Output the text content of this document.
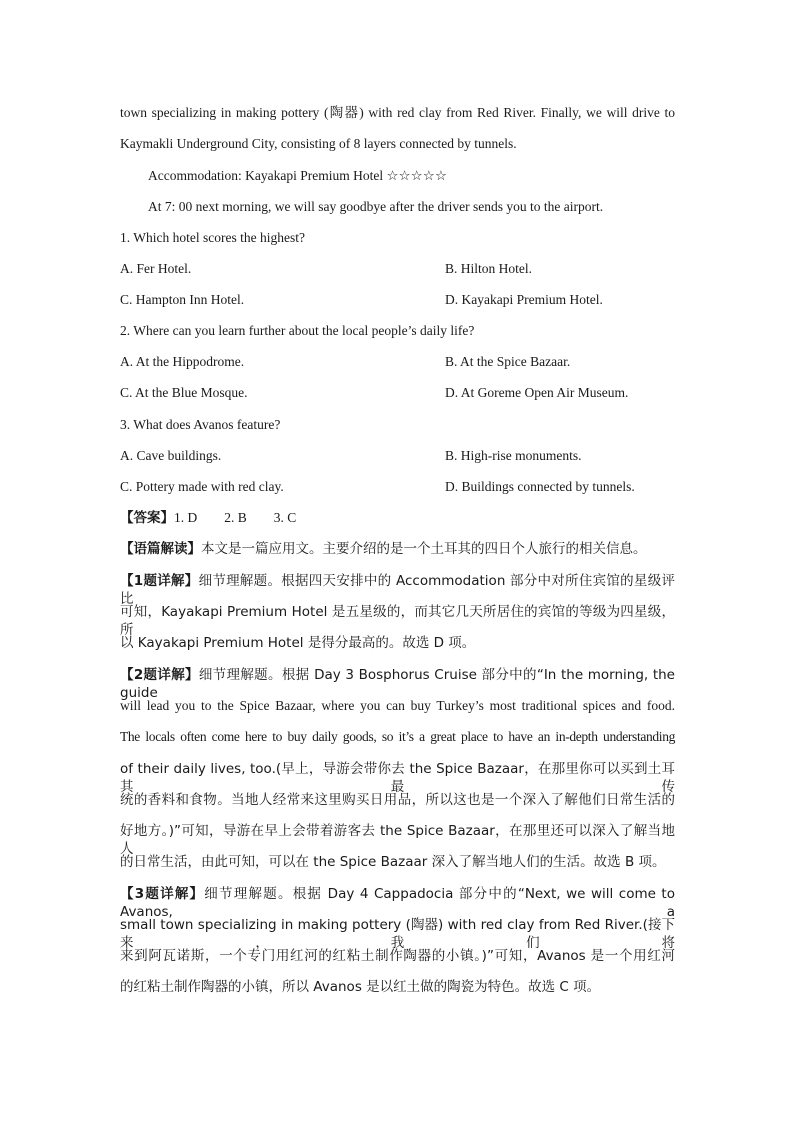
town specializing in making pottery (陶器) with red clay from Red River. Finally, we will drive to
Kaymakli Underground City, consisting of 8 layers connected by tunnels.
Accommodation: Kayakapi Premium Hotel ☆☆☆☆☆
At 7: 00 next morning, we will say goodbye after the driver sends you to the airport.
1. Which hotel scores the highest?
A. Fer Hotel.	B. Hilton Hotel.
C. Hampton Inn Hotel.	D. Kayakapi Premium Hotel.
2. Where can you learn further about the local people’s daily life?
A. At the Hippodrome.	B. At the Spice Bazaar.
C. At the Blue Mosque.	D. At Goreme Open Air Museum.
3. What does Avanos feature?
A. Cave buildings.	B. High-rise monuments.
C. Pottery made with red clay.	D. Buildings connected by tunnels.
【答案】1. D        2. B        3. C
【语篇解读】本文是一篇应用文。主要介绍的是一个土耳其的四日个人旅行的相关信息。
【1题详解】细节理解题。根据四天安排中的 Accommodation 部分中对所住宾馆的星级评比
可知，Kayakapi Premium Hotel 是五星级的，而其它几天所居住的宾馆的等级为四星级，所
以 Kayakapi Premium Hotel 是得分最高的。故选 D 项。
【2题详解】细节理解题。根据 Day 3 Bosphorus Cruise 部分中的“In the morning, the guide
will lead you to the Spice Bazaar, where you can buy Turkey’s most traditional spices and food.
The locals often come here to buy daily goods, so it’s a great place to have an in-depth understanding
of their daily lives, too.(早上，导游会带你去 the Spice Bazaar，在那里你可以买到土耳其最传
统的香料和食物。当地人经常来这里购买日用品，所以这也是一个深入了解他们日常生活的
好地方。)”可知，导游在早上会带着游客去 the Spice Bazaar，在那里还可以深入了解当地人
的日常生活，由此可知，可以在 the Spice Bazaar 深入了解当地人们的生活。故选 B 项。
【3题详解】细节理解题。根据 Day 4 Cappadocia 部分中的“Next, we will come to Avanos, a
small town specializing in making pottery (陶器) with red clay from Red River.(接下来，我们将
来到阿瓦诺斯，一个专门用红河的红粘土制作陶器的小镇。)”可知，Avanos 是一个用红河
的红粘土制作陶器的小镇，所以 Avanos 是以红土做的陶瓷为特色。故选 C 项。
